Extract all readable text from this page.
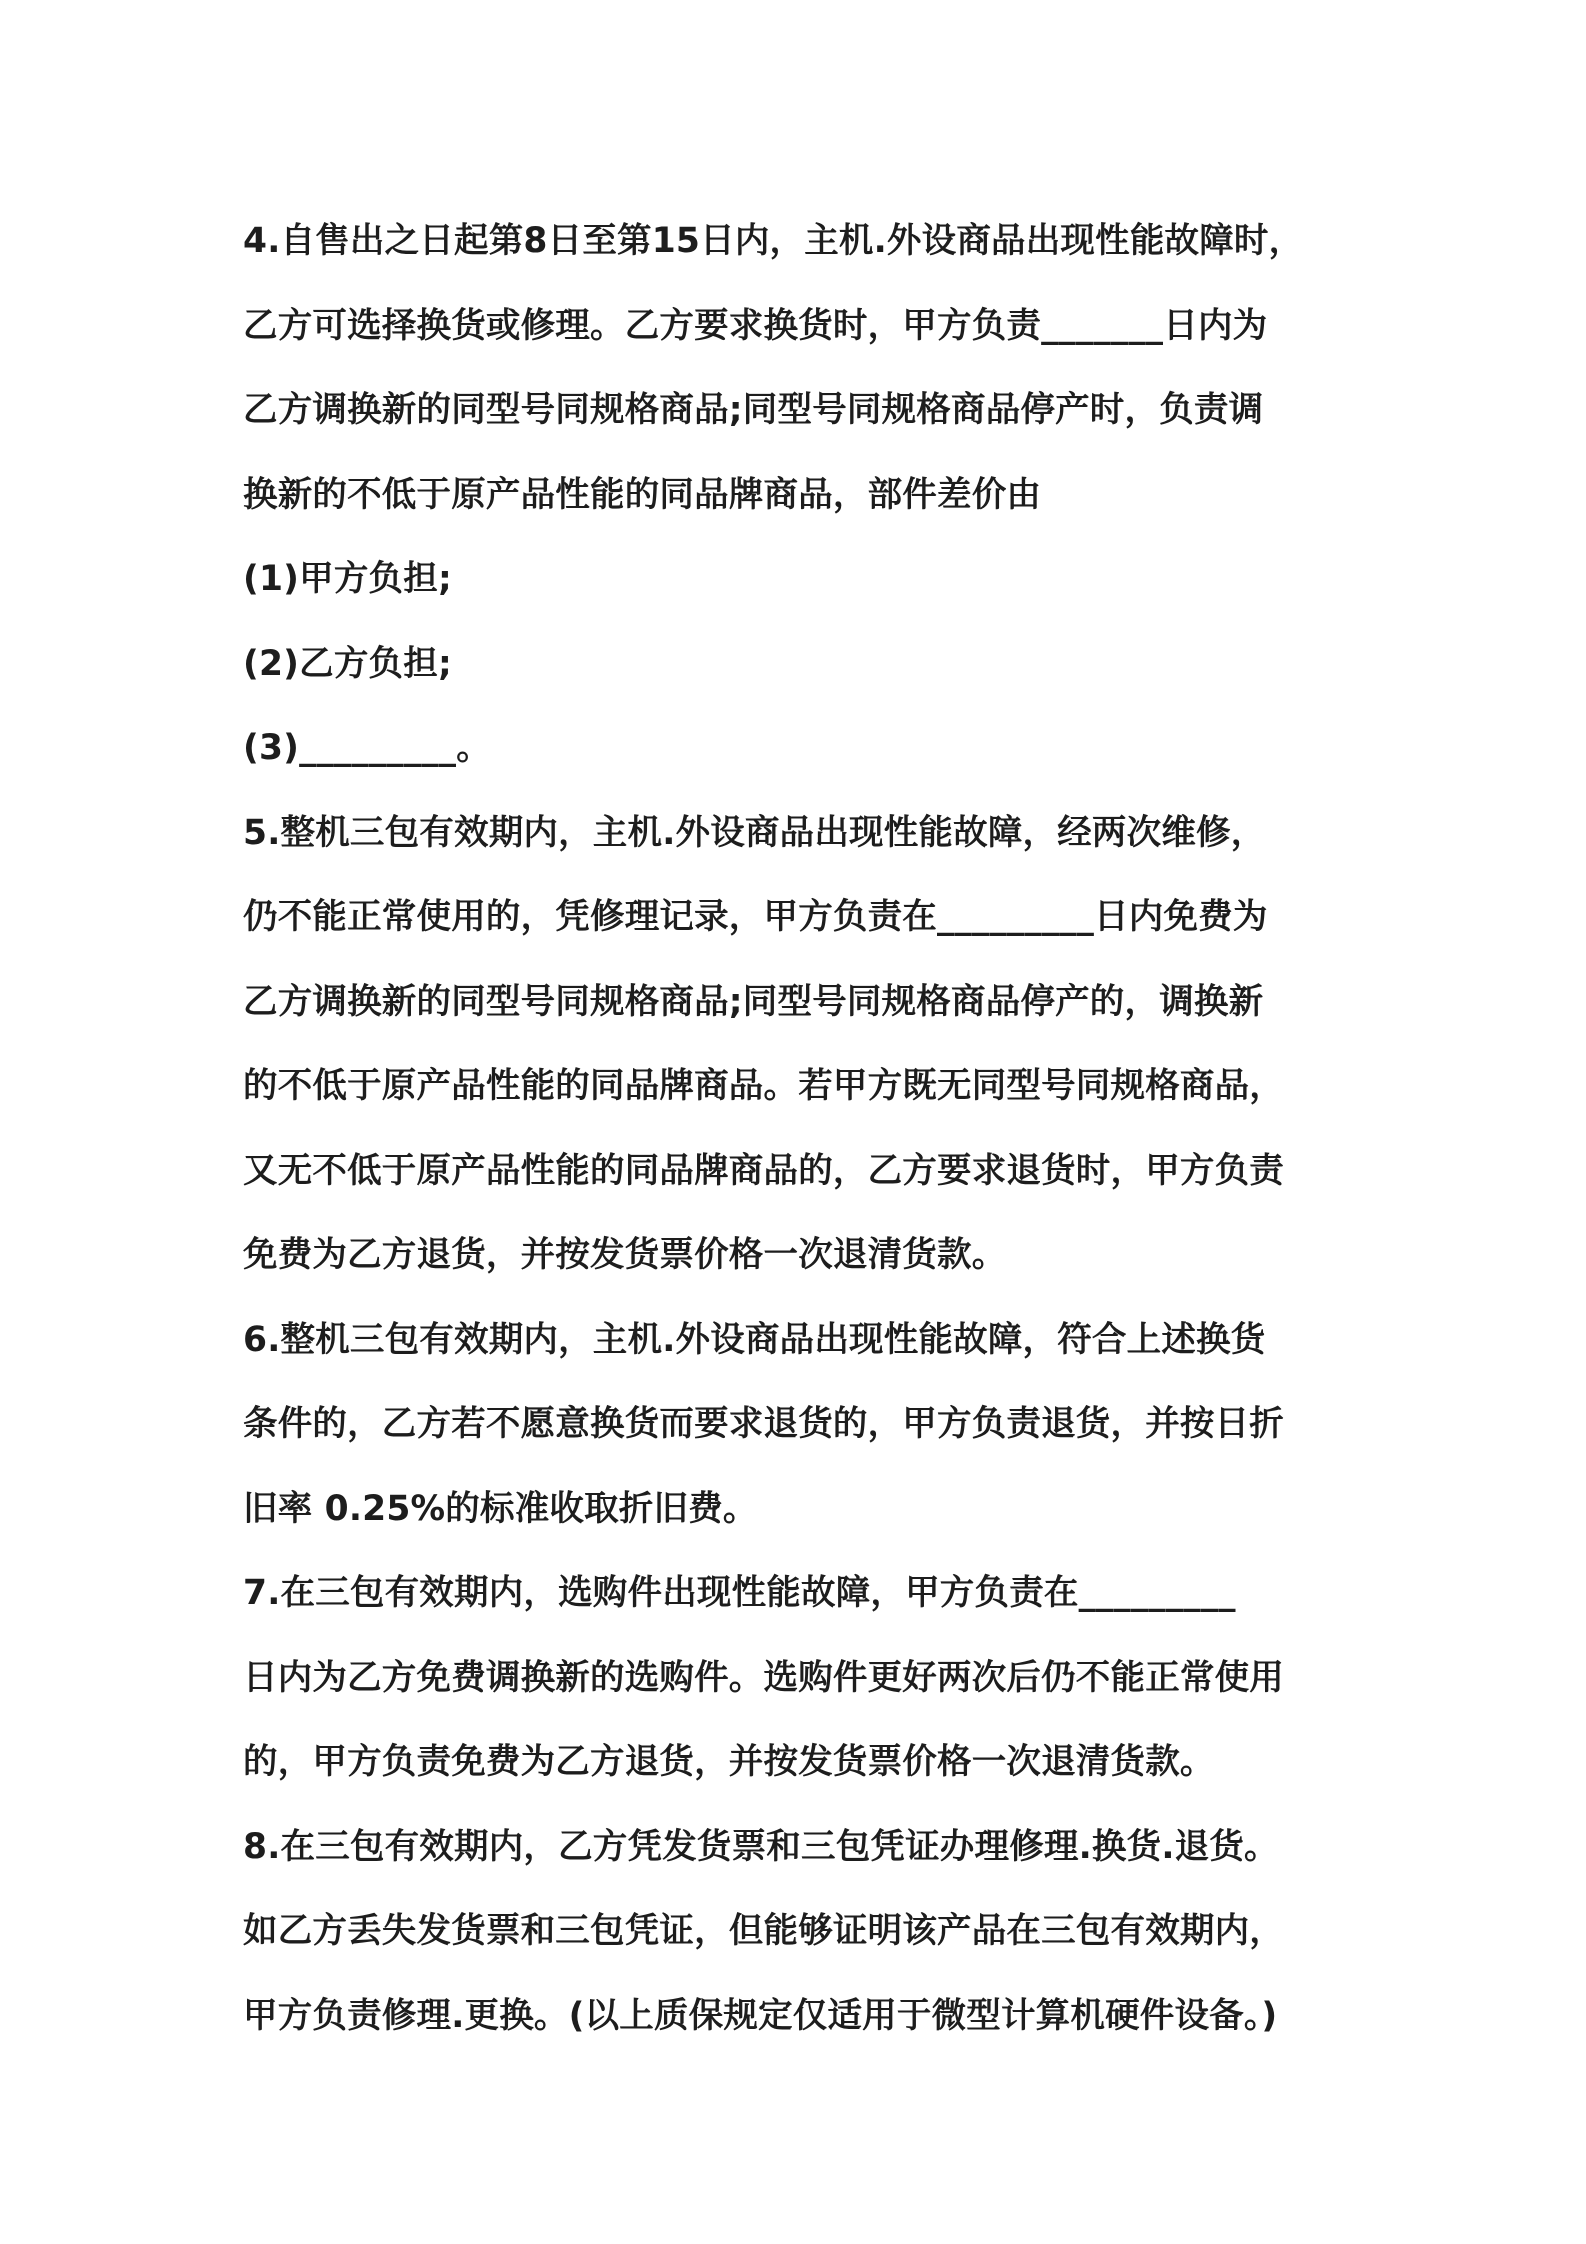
4.自售出之日起第8日至第15日内，主机.外设商品出现性能故障时，
乙方可选择换货或修理。乙方要求换货时，甲方负责_______日内为
乙方调换新的同型号同规格商品;同型号同规格商品停产时，负责调
换新的不低于原产品性能的同品牌商品，部件差价由
(1)甲方负担;
(2)乙方负担;
(3)_________。
5.整机三包有效期内，主机.外设商品出现性能故障，经两次维修，
仍不能正常使用的，凭修理记录，甲方负责在_________日内免费为
乙方调换新的同型号同规格商品;同型号同规格商品停产的，调换新
的不低于原产品性能的同品牌商品。若甲方既无同型号同规格商品，
又无不低于原产品性能的同品牌商品的，乙方要求退货时，甲方负责
免费为乙方退货，并按发货票价格一次退清货款。
6.整机三包有效期内，主机.外设商品出现性能故障，符合上述换货
条件的，乙方若不愿意换货而要求退货的，甲方负责退货，并按日折
旧率 0.25%的标准收取折旧费。
7.在三包有效期内，选购件出现性能故障，甲方负责在_________
日内为乙方免费调换新的选购件。选购件更好两次后仍不能正常使用
的，甲方负责免费为乙方退货，并按发货票价格一次退清货款。
8.在三包有效期内，乙方凭发货票和三包凭证办理修理.换货.退货。
如乙方丢失发货票和三包凭证，但能够证明该产品在三包有效期内，
甲方负责修理.更换。(以上质保规定仅适用于微型计算机硬件设备。)
